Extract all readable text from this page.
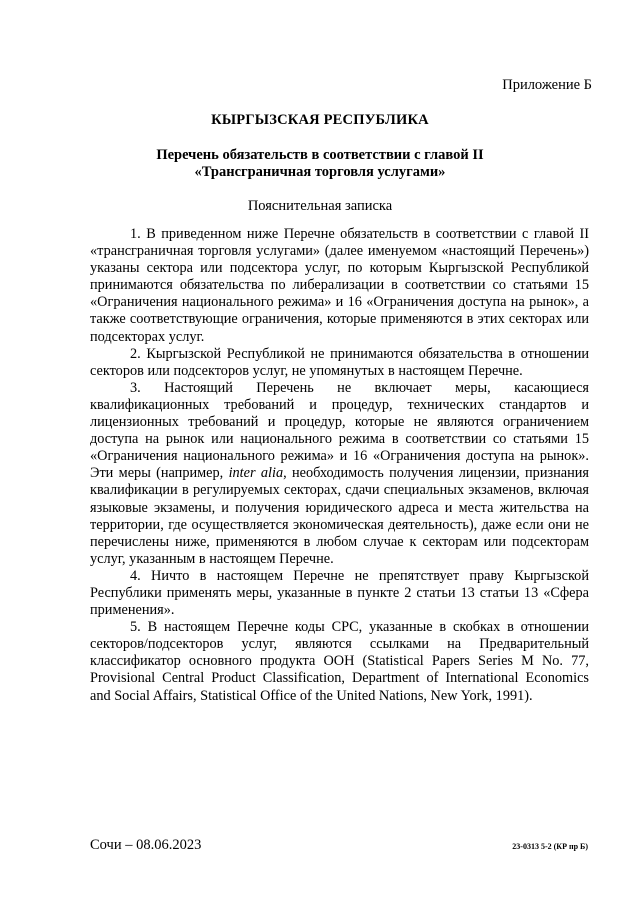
Приложение Б
КЫРГЫЗСКАЯ РЕСПУБЛИКА
Перечень обязательств в соответствии с главой II
«Трансграничная торговля услугами»
Пояснительная записка

1. В приведенном ниже Перечне обязательств в соответствии с главой II «трансграничная торговля услугами» (далее именуемом «настоящий Перечень») указаны сектора или подсектора услуг, по которым Кыргызской Республикой принимаются обязательства по либерализации в соответствии со статьями 15 «Ограничения национального режима» и 16 «Ограничения доступа на рынок», а также соответствующие ограничения, которые применяются в этих секторах или подсекторах услуг.

2. Кыргызской Республикой не принимаются обязательства в отношении секторов или подсекторов услуг, не упомянутых в настоящем Перечне.

3. Настоящий Перечень не включает меры, касающиеся квалификационных требований и процедур, технических стандартов и лицензионных требований и процедур, которые не являются ограничением доступа на рынок или национального режима в соответствии со статьями 15 «Ограничения национального режима» и 16 «Ограничения доступа на рынок». Эти меры (например, inter alia, необходимость получения лицензии, признания квалификации в регулируемых секторах, сдачи специальных экзаменов, включая языковые экзамены, и получения юридического адреса и места жительства на территории, где осуществляется экономическая деятельность), даже если они не перечислены ниже, применяются в любом случае к секторам или подсекторам услуг, указанным в настоящем Перечне.

4. Ничто в настоящем Перечне не препятствует праву Кыргызской Республики применять меры, указанные в пункте 2 статьи 13 статьи 13 «Сфера применения».

5. В настоящем Перечне коды CPC, указанные в скобках в отношении секторов/подсекторов услуг, являются ссылками на Предварительный классификатор основного продукта ООН (Statistical Papers Series M No. 77, Provisional Central Product Classification, Department of International Economics and Social Affairs, Statistical Office of the United Nations, New York, 1991).

Сочи – 08.06.2023	23-0313 5-2 (КР пр Б)
